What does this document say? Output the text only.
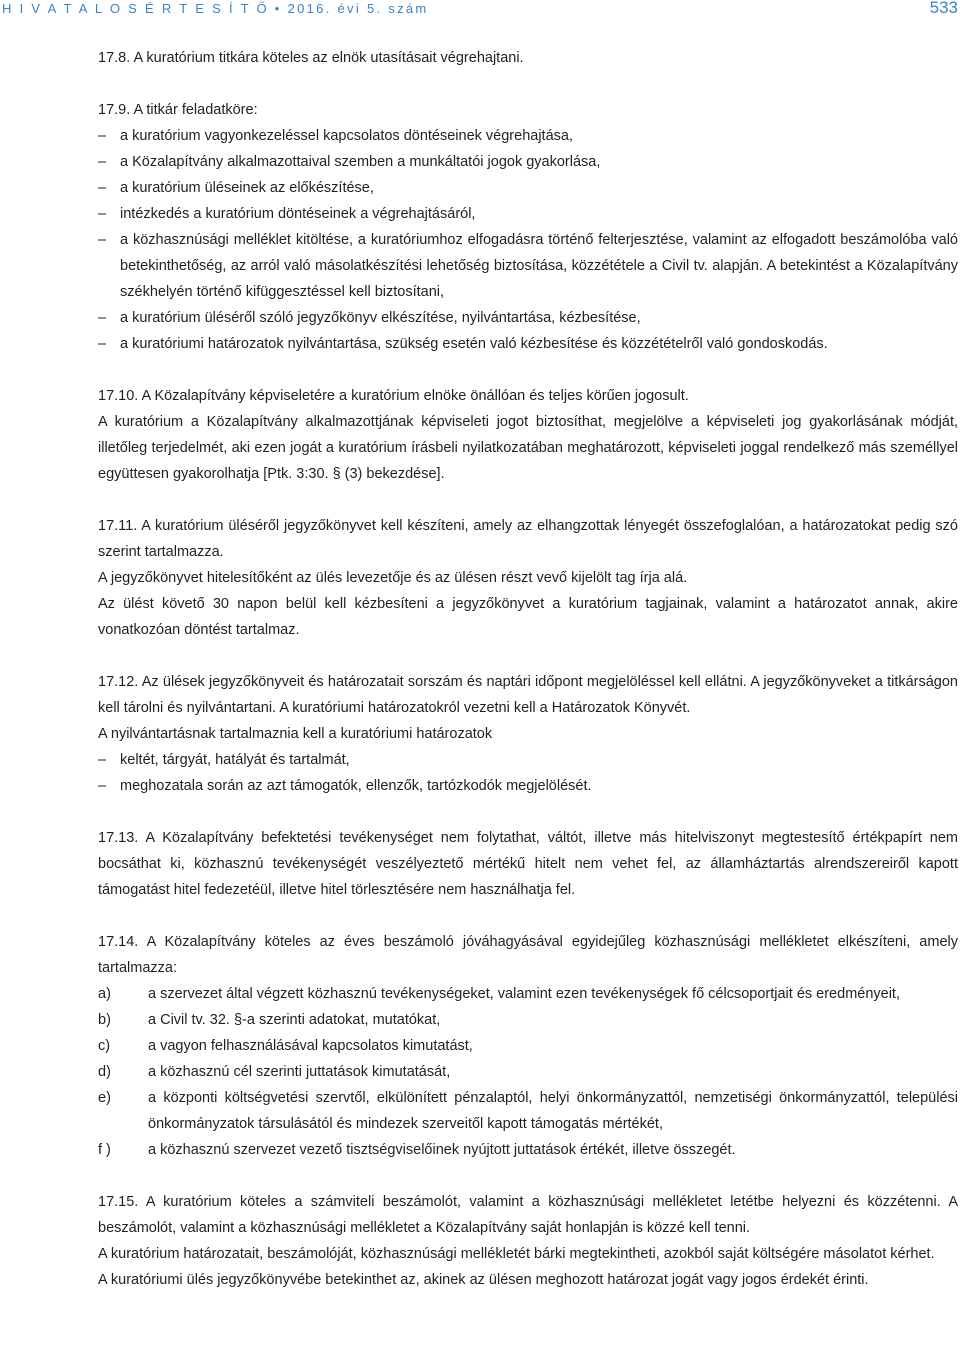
H I V A T A L O S É R T E S Í T Ő • 2016. évi 5. szám	533

17.8. A kuratórium titkára köteles az elnök utasításait végrehajtani.

17.9. A titkár feladatköre:

– a kuratórium vagyonkezeléssel kapcsolatos döntéseinek végrehajtása,

– a Közalapítvány alkalmazottaival szemben a munkáltatói jogok gyakorlása,

– a kuratórium üléseinek az előkészítése,

– intézkedés a kuratórium döntéseinek a végrehajtásáról,

– a közhasznúsági melléklet kitöltése, a kuratóriumhoz elfogadásra történő felterjesztése, valamint az elfogadott beszámolóba való betekinthetőség, az arról való másolatkészítési lehetőség biztosítása, közzététele a Civil tv. alapján. A betekintést a Közalapítvány székhelyén történő kifüggesztéssel kell biztosítani,

– a kuratórium üléséről szóló jegyzőkönyv elkészítése, nyilvántartása, kézbesítése,

– a kuratóriumi határozatok nyilvántartása, szükség esetén való kézbesítése és közzétételről való gondoskodás.

17.10. A Közalapítvány képviseletére a kuratórium elnöke önállóan és teljes körűen jogosult.

A kuratórium a Közalapítvány alkalmazottjának képviseleti jogot biztosíthat, megjelölve a képviseleti jog gyakorlásának módját, illetőleg terjedelmét, aki ezen jogát a kuratórium írásbeli nyilatkozatában meghatározott, képviseleti joggal rendelkező más személlyel együttesen gyakorolhatja [Ptk. 3:30. § (3) bekezdése].

17.11. A kuratórium üléséről jegyzőkönyvet kell készíteni, amely az elhangzottak lényegét összefoglalóan, a határozatokat pedig szó szerint tartalmazza.

A jegyzőkönyvet hitelesítőként az ülés levezetője és az ülésen részt vevő kijelölt tag írja alá.

Az ülést követő 30 napon belül kell kézbesíteni a jegyzőkönyvet a kuratórium tagjainak, valamint a határozatot annak, akire vonatkozóan döntést tartalmaz.

17.12. Az ülések jegyzőkönyveit és határozatait sorszám és naptári időpont megjelöléssel kell ellátni. A jegyzőkönyveket a titkárságon kell tárolni és nyilvántartani. A kuratóriumi határozatokról vezetni kell a Határozatok Könyvét.

A nyilvántartásnak tartalmaznia kell a kuratóriumi határozatok

– keltét, tárgyát, hatályát és tartalmát,

– meghozatala során az azt támogatók, ellenzők, tartózkodók megjelölését.

17.13. A Közalapítvány befektetési tevékenységet nem folytathat, váltót, illetve más hitelviszonyt megtestesítő értékpapírt nem bocsáthat ki, közhasznú tevékenységét veszélyeztető mértékű hitelt nem vehet fel, az államháztartás alrendszereiről kapott támogatást hitel fedezetéül, illetve hitel törlesztésére nem használhatja fel.

17.14. A Közalapítvány köteles az éves beszámoló jóváhagyásával egyidejűleg közhasznúsági mellékletet elkészíteni, amely tartalmazza:

a)	a szervezet által végzett közhasznú tevékenységeket, valamint ezen tevékenységek fő célcsoportjait és eredményeit,
b)	a Civil tv. 32. §-a szerinti adatokat, mutatókat,
c)	a vagyon felhasználásával kapcsolatos kimutatást,
d)	a közhasznú cél szerinti juttatások kimutatását,
e)	a központi költségvetési szervtől, elkülönített pénzalaptól, helyi önkormányzattól, nemzetiségi önkormányzattól, települési önkormányzatok társulásától és mindezek szerveitől kapott támogatás mértékét,
f )	a közhasznú szervezet vezető tisztségviselőinek nyújtott juttatások értékét, illetve összegét.

17.15. A kuratórium köteles a számviteli beszámolót, valamint a közhasznúsági mellékletet letétbe helyezni és közzétenni. A beszámolót, valamint a közhasznúsági mellékletet a Közalapítvány saját honlapján is közzé kell tenni.

A kuratórium határozatait, beszámolóját, közhasznúsági mellékletét bárki megtekintheti, azokból saját költségére másolatot kérhet.

A kuratóriumi ülés jegyzőkönyvébe betekinthet az, akinek az ülésen meghozott határozat jogát vagy jogos érdekét érinti.
